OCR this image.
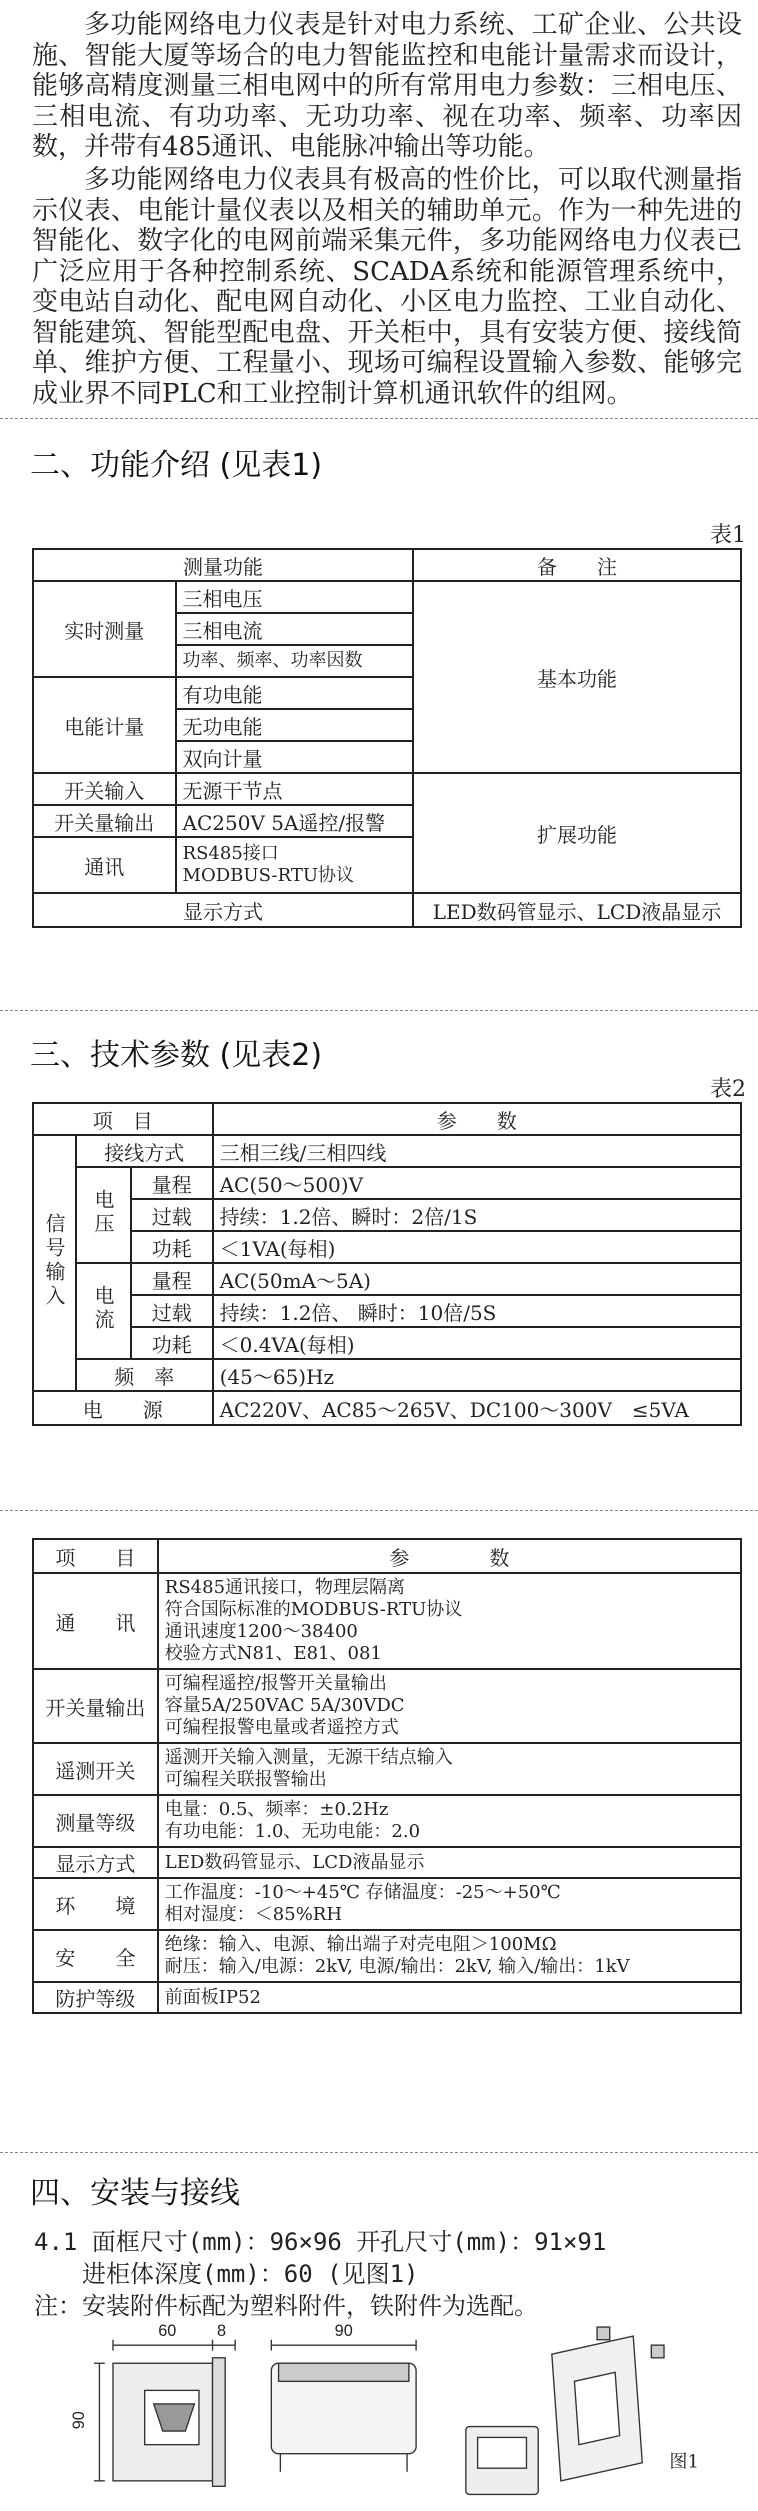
多功能网络电力仪表是针对电力系统、工矿企业、公共设施、智能大厦等场合的电力智能监控和电能计量需求而设计，能够高精度测量三相电网中的所有常用电力参数：三相电压、三相电流、有功功率、无功功率、视在功率、频率、功率因数，并带有485通讯、电能脉冲输出等功能。

多功能网络电力仪表具有极高的性价比，可以取代测量指示仪表、电能计量仪表以及相关的辅助单元。作为一种先进的智能化、数字化的电网前端采集元件，多功能网络电力仪表已广泛应用于各种控制系统、SCADA系统和能源管理系统中，变电站自动化、配电网自动化、小区电力监控、工业自动化、智能建筑、智能型配电盘、开关柜中，具有安装方便、接线简单、维护方便、工程量小、现场可编程设置输入参数、能够完成业界不同PLC和工业控制计算机通讯软件的组网。

二、功能介绍 (见表1)
表1
测量功能		备　　注
实时测量	三相电压	基本功能
	三相电流	
	功率、频率、功率因数	
电能计量	有功电能	
	无功电能	
	双向计量	
开关输入	无源干节点	扩展功能
开关量输出	AC250V 5A遥控/报警	
通讯	RS485接口
MODBUS-RTU协议	

显示方式		LED数码管显示、LCD液晶显示
三、技术参数 (见表2)
表2
项　目			参　　数
信号输入	接线方式		三相三线/三相四线
	电压	量程	AC(50～500)V
		过载	持续：1.2倍、瞬时：2倍/1S
		功耗	＜1VA(每相)
	电流	量程	AC(50mA～5A)
		过载	持续：1.2倍、 瞬时：10倍/5S
		功耗	＜0.4VA(每相)
	频　率		(45～65)Hz
电　　源			AC220V、AC85～265V、DC100～300V　≤5VA
项　　目	参　　　　数
通　　讯	RS485通讯接口，物理层隔离
符合国际标准的MODBUS-RTU协议
通讯速度1200～38400
校验方式N81、E81、081

开关量输出	可编程遥控/报警开关量输出
容量5A/250VAC 5A/30VDC
可编程报警电量或者遥控方式

遥测开关	遥测开关输入测量，无源干结点输入
可编程关联报警输出

测量等级	电量：0.5、频率：±0.2Hz
有功电能：1.0、无功电能：2.0

显示方式	LED数码管显示、LCD液晶显示

环　　境	工作温度：-10～+45℃ 存储温度：-25～+50℃
相对湿度：＜85%RH

安　　全	绝缘：输入、电源、输出端子对壳电阻＞100MΩ
耐压：输入/电源：2kV, 电源/输出：2kV, 输入/输出：1kV

防护等级	前面板IP52
四、安装与接线

4.1 面框尺寸(mm)：96×96 开孔尺寸(mm)：91×91

进柜体深度(mm)：60 (见图1)

注：安装附件标配为塑料附件，铁附件为选配。

60 8
90
90
图1
